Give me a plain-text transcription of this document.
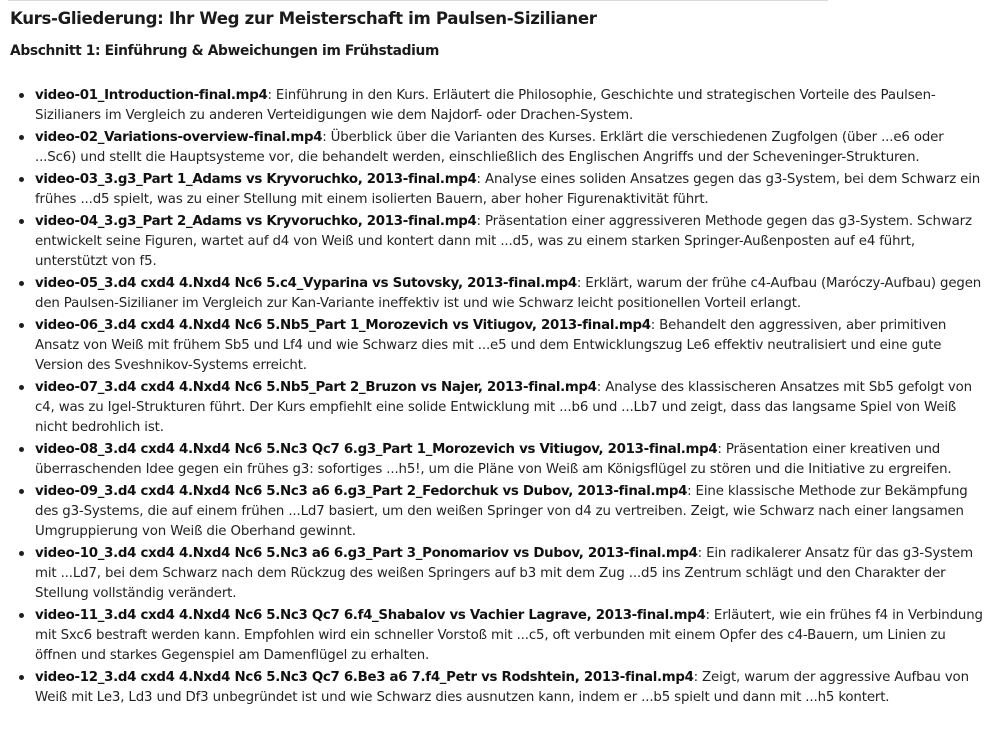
Kurs-Gliederung: Ihr Weg zur Meisterschaft im Paulsen-Sizilianer
Abschnitt 1: Einführung & Abweichungen im Frühstadium
video-01_Introduction-final.mp4: Einführung in den Kurs. Erläutert die Philosophie, Geschichte und strategischen Vorteile des Paulsen-Sizilianers im Vergleich zu anderen Verteidigungen wie dem Najdorf- oder Drachen-System.
video-02_Variations-overview-final.mp4: Überblick über die Varianten des Kurses. Erklärt die verschiedenen Zugfolgen (über ...e6 oder ...Sc6) und stellt die Hauptsysteme vor, die behandelt werden, einschließlich des Englischen Angriffs und der Scheveninger-Strukturen.
video-03_3.g3_Part 1_Adams vs Kryvoruchko, 2013-final.mp4: Analyse eines soliden Ansatzes gegen das g3-System, bei dem Schwarz ein frühes ...d5 spielt, was zu einer Stellung mit einem isolierten Bauern, aber hoher Figurenaktivität führt.
video-04_3.g3_Part 2_Adams vs Kryvoruchko, 2013-final.mp4: Präsentation einer aggressiveren Methode gegen das g3-System. Schwarz entwickelt seine Figuren, wartet auf d4 von Weiß und kontert dann mit ...d5, was zu einem starken Springer-Außenposten auf e4 führt, unterstützt von f5.
video-05_3.d4 cxd4 4.Nxd4 Nc6 5.c4_Vyparina vs Sutovsky, 2013-final.mp4: Erklärt, warum der frühe c4-Aufbau (Maróczy-Aufbau) gegen den Paulsen-Sizilianer im Vergleich zur Kan-Variante ineffektiv ist und wie Schwarz leicht positionellen Vorteil erlangt.
video-06_3.d4 cxd4 4.Nxd4 Nc6 5.Nb5_Part 1_Morozevich vs Vitiugov, 2013-final.mp4: Behandelt den aggressiven, aber primitiven Ansatz von Weiß mit frühem Sb5 und Lf4 und wie Schwarz dies mit ...e5 und dem Entwicklungszug Le6 effektiv neutralisiert und eine gute Version des Sveshnikov-Systems erreicht.
video-07_3.d4 cxd4 4.Nxd4 Nc6 5.Nb5_Part 2_Bruzon vs Najer, 2013-final.mp4: Analyse des klassischeren Ansatzes mit Sb5 gefolgt von c4, was zu Igel-Strukturen führt. Der Kurs empfiehlt eine solide Entwicklung mit ...b6 und ...Lb7 und zeigt, dass das langsame Spiel von Weiß nicht bedrohlich ist.
video-08_3.d4 cxd4 4.Nxd4 Nc6 5.Nc3 Qc7 6.g3_Part 1_Morozevich vs Vitiugov, 2013-final.mp4: Präsentation einer kreativen und überraschenden Idee gegen ein frühes g3: sofortiges ...h5!, um die Pläne von Weiß am Königsflügel zu stören und die Initiative zu ergreifen.
video-09_3.d4 cxd4 4.Nxd4 Nc6 5.Nc3 a6 6.g3_Part 2_Fedorchuk vs Dubov, 2013-final.mp4: Eine klassische Methode zur Bekämpfung des g3-Systems, die auf einem frühen ...Ld7 basiert, um den weißen Springer von d4 zu vertreiben. Zeigt, wie Schwarz nach einer langsamen Umgruppierung von Weiß die Oberhand gewinnt.
video-10_3.d4 cxd4 4.Nxd4 Nc6 5.Nc3 a6 6.g3_Part 3_Ponomariov vs Dubov, 2013-final.mp4: Ein radikalerer Ansatz für das g3-System mit ...Ld7, bei dem Schwarz nach dem Rückzug des weißen Springers auf b3 mit dem Zug ...d5 ins Zentrum schlägt und den Charakter der Stellung vollständig verändert.
video-11_3.d4 cxd4 4.Nxd4 Nc6 5.Nc3 Qc7 6.f4_Shabalov vs Vachier Lagrave, 2013-final.mp4: Erläutert, wie ein frühes f4 in Verbindung mit Sxc6 bestraft werden kann. Empfohlen wird ein schneller Vorstoß mit ...c5, oft verbunden mit einem Opfer des c4-Bauern, um Linien zu öffnen und starkes Gegenspiel am Damenflügel zu erhalten.
video-12_3.d4 cxd4 4.Nxd4 Nc6 5.Nc3 Qc7 6.Be3 a6 7.f4_Petr vs Rodshtein, 2013-final.mp4: Zeigt, warum der aggressive Aufbau von Weiß mit Le3, Ld3 und Df3 unbegründet ist und wie Schwarz dies ausnutzen kann, indem er ...b5 spielt und dann mit ...h5 kontert.
